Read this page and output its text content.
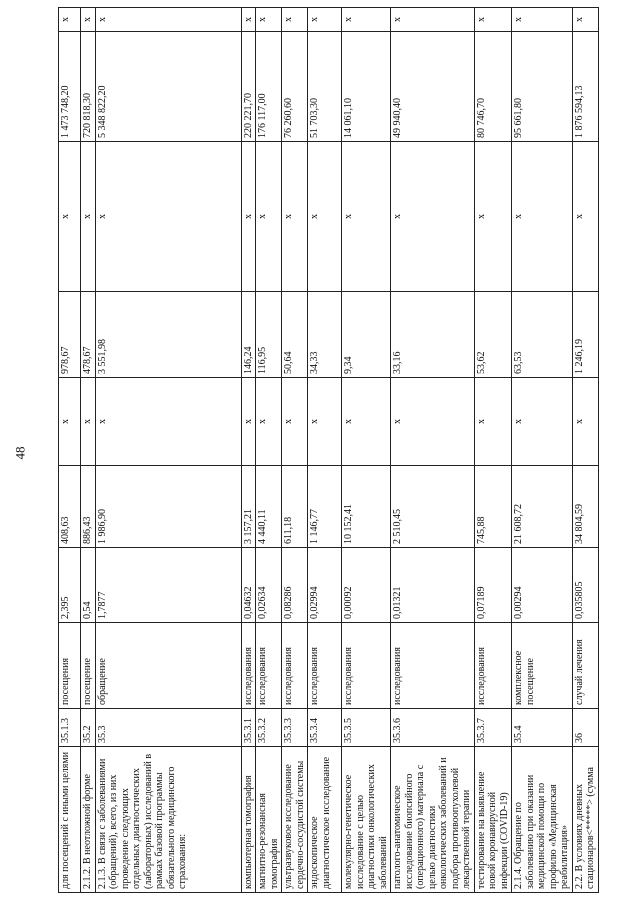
48
для посещений с иными целями	35.1.3	посещения	2,395	408,63	x	978,67	x	1 473 748,20	x
2.1.2. В неотложной форме	35.2	посещение	0,54	886,43	x	478,67	x	720 818,30	x
2.1.3. В связи с заболеваниями (обращений), всего, из них проведение следующих отдельных диагностических (лабораторных) исследований в рамках базовой программы обязательного медицинского страхования:	35.3	обращение	1,7877	1 986,90	x	3 551,98	x	5 348 822,20	x
компьютерная томография	35.3.1	исследования	0,04632	3 157,21	x	146,24	x	220 221,70	x
магнитно-резонансная томография	35.3.2	исследования	0,02634	4 440,11	x	116,95	x	176 117,00	x
ультразвуковое исследование сердечно-сосудистой системы	35.3.3	исследования	0,08286	611,18	x	50,64	x	76 260,60	x
эндоскопическое диагностическое исследование	35.3.4	исследования	0,02994	1 146,77	x	34,33	x	51 703,30	x
молекулярно-генетическое исследование с целью диагностики онкологических заболеваний	35.3.5	исследования	0,00092	10 152,41	x	9,34	x	14 061,10	x
патолого-анатомическое исследование биопсийного (операционного) материала с целью диагностики онкологических заболеваний и подбора противоопухолевой лекарственной терапии	35.3.6	исследования	0,01321	2 510,45	x	33,16	x	49 940,40	x
тестирование на выявление новой коронавирусной инфекции (COVID-19)	35.3.7	исследования	0,07189	745,88	x	53,62	x	80 746,70	x
2.1.4. Обращение по заболеванию при оказании медицинской помощи по профилю «Медицинская реабилитация»	35.4	комплексное посещение	0,00294	21 608,72	x	63,53	x	95 661,80	x
2.2. В условиях дневных стационаров<*****> (сумма	36	случай лечения	0,035805	34 804,59	x	1 246,19	x	1 876 594,13	x
